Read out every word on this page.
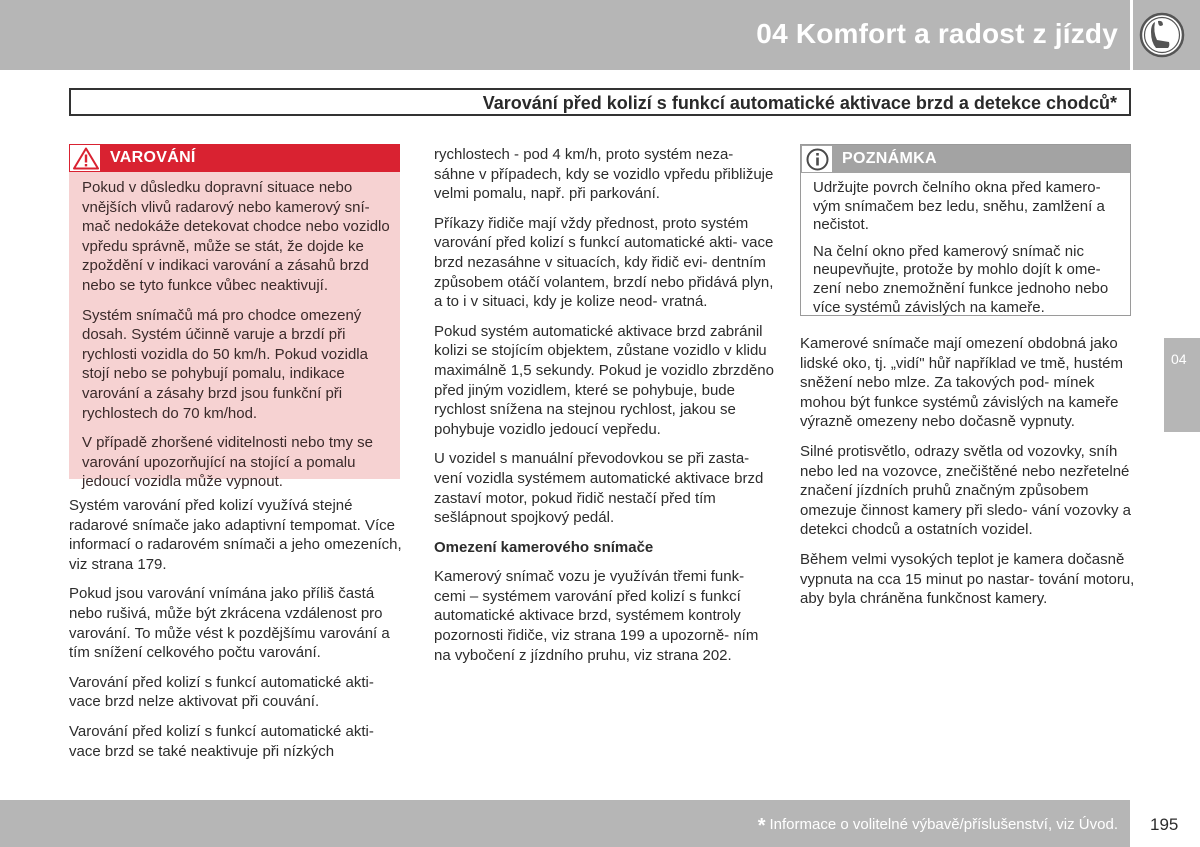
04 Komfort a radost z jízdy
Varování před kolizí s funkcí automatické aktivace brzd a detekce chodců*
VAROVÁNÍ

Pokud v důsledku dopravní situace nebo vnějších vlivů radarový nebo kamerový sní- mač nedokáže detekovat chodce nebo vozidlo vpředu správně, může se stát, že dojde ke zpoždění v indikaci varování a zásahů brzd nebo se tyto funkce vůbec neaktivují.

Systém snímačů má pro chodce omezený dosah. Systém účinně varuje a brzdí při rychlosti vozidla do 50 km/h. Pokud vozidla stojí nebo se pohybují pomalu, indikace varování a zásahy brzd jsou funkční při rychlostech do 70 km/hod.

V případě zhoršené viditelnosti nebo tmy se varování upozorňující na stojící a pomalu jedoucí vozidla může vypnout.

Systém varování před kolizí využívá stejné radarové snímače jako adaptivní tempomat. Více informací o radarovém snímači a jeho omezeních, viz strana 179.

Pokud jsou varování vnímána jako příliš častá nebo rušivá, může být zkrácena vzdálenost pro varování. To může vést k pozdějšímu varování a tím snížení celkového počtu varování.

Varování před kolizí s funkcí automatické akti- vace brzd nelze aktivovat při couvání.

Varování před kolizí s funkcí automatické akti- vace brzd se také neaktivuje při nízkých

rychlostech - pod 4 km/h, proto systém neza- sáhne v případech, kdy se vozidlo vpředu přibližuje velmi pomalu, např. při parkování.

Příkazy řidiče mají vždy přednost, proto systém varování před kolizí s funkcí automatické akti- vace brzd nezasáhne v situacích, kdy řidič evi- dentním způsobem otáčí volantem, brzdí nebo přidává plyn, a to i v situaci, kdy je kolize neod- vratná.

Pokud systém automatické aktivace brzd zabránil kolizi se stojícím objektem, zůstane vozidlo v klidu maximálně 1,5 sekundy. Pokud je vozidlo zbrzděno před jiným vozidlem, které se pohybuje, bude rychlost snížena na stejnou rychlost, jakou se pohybuje vozidlo jedoucí vepředu.

U vozidel s manuální převodovkou se při zasta- vení vozidla systémem automatické aktivace brzd zastaví motor, pokud řidič nestačí před tím sešlápnout spojkový pedál.

Omezení kamerového snímače

Kamerový snímač vozu je využíván třemi funk- cemi – systémem varování před kolizí s funkcí automatické aktivace brzd, systémem kontroly pozornosti řidiče, viz strana 199 a upozorně- ním na vybočení z jízdního pruhu, viz strana 202.

POZNÁMKA

Udržujte povrch čelního okna před kamero- vým snímačem bez ledu, sněhu, zamlžení a nečistot.

Na čelní okno před kamerový snímač nic neupevňujte, protože by mohlo dojít k ome- zení nebo znemožnění funkce jednoho nebo více systémů závislých na kameře.

Kamerové snímače mají omezení obdobná jako lidské oko, tj. „vidí" hůř například ve tmě, hustém sněžení nebo mlze. Za takových pod- mínek mohou být funkce systémů závislých na kameře výrazně omezeny nebo dočasně vypnuty.

Silné protisvětlo, odrazy světla od vozovky, sníh nebo led na vozovce, znečištěné nebo nezřetelné značení jízdních pruhů značným způsobem omezuje činnost kamery při sledo- vání vozovky a detekci chodců a ostatních vozidel.

Během velmi vysokých teplot je kamera dočasně vypnuta na cca 15 minut po nastar- tování motoru, aby byla chráněna funkčnost kamery.

04
* Informace o volitelné výbavě/příslušenství, viz Úvod. 195
